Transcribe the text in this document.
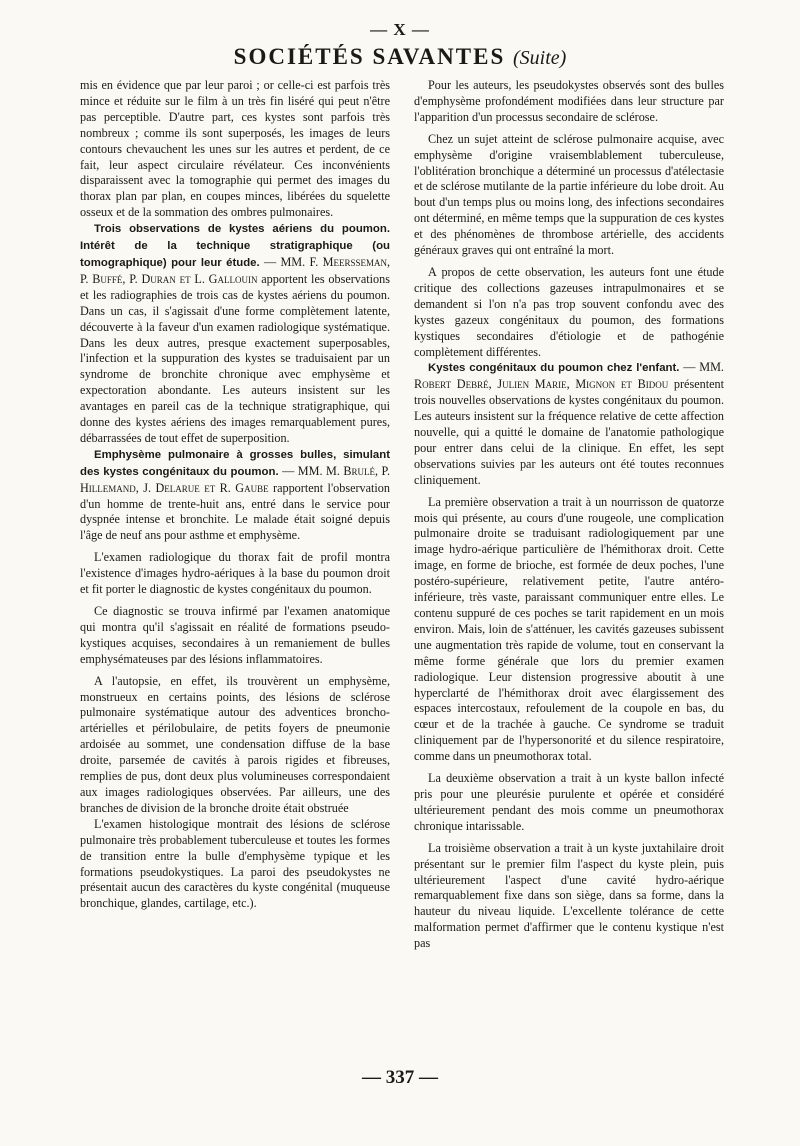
— X —
SOCIÉTÉS SAVANTES (Suite)

mis en évidence que par leur paroi ; or celle-ci est parfois très mince et réduite sur le film à un très fin liséré qui peut n'être pas perceptible. D'autre part, ces kystes sont parfois très nombreux ; comme ils sont superposés, les images de leurs contours chevauchent les unes sur les autres et perdent, de ce fait, leur aspect circulaire révélateur. Ces inconvénients disparaissent avec la tomographie qui permet des images du thorax plan par plan, en coupes minces, libérées du squelette osseux et de la sommation des ombres pulmonaires.

Trois observations de kystes aériens du poumon. Intérêt de la technique stratigraphique (ou tomographique) pour leur étude. — MM. F. Meersseman, P. Buffé, P. Duran et L. Gallouin apportent les observations et les radiographies de trois cas de kystes aériens du poumon. Dans un cas, il s'agissait d'une forme complètement latente, découverte à la faveur d'un examen radiologique systématique. Dans les deux autres, presque exactement superposables, l'infection et la suppuration des kystes se traduisaient par un syndrome de bronchite chronique avec emphysème et expectoration abondante. Les auteurs insistent sur les avantages en pareil cas de la technique stratigraphique, qui donne des kystes aériens des images remarquablement pures, débarrassées de tout effet de superposition.

Emphysème pulmonaire à grosses bulles, simulant des kystes congénitaux du poumon. — MM. M. Brulé, P. Hillemand, J. Delarue et R. Gaube rapportent l'observation d'un homme de trente-huit ans, entré dans le service pour dyspnée intense et bronchite. Le malade était soigné depuis l'âge de neuf ans pour asthme et emphysème.

L'examen radiologique du thorax fait de profil montra l'existence d'images hydro-aériques à la base du poumon droit et fit porter le diagnostic de kystes congénitaux du poumon.

Ce diagnostic se trouva infirmé par l'examen anatomique qui montra qu'il s'agissait en réalité de formations pseudo-kystiques acquises, secondaires à un remaniement de bulles emphysémateuses par des lésions inflammatoires.

A l'autopsie, en effet, ils trouvèrent un emphysème, monstrueux en certains points, des lésions de sclérose pulmonaire systématique autour des adventices broncho-artérielles et périlobulaire, de petits foyers de pneumonie ardoisée au sommet, une condensation diffuse de la base droite, parsemée de cavités à parois rigides et fibreuses, remplies de pus, dont deux plus volumineuses correspondaient aux images radiologiques observées. Par ailleurs, une des branches de division de la bronche droite était obstruée

L'examen histologique montrait des lésions de sclérose pulmonaire très probablement tuberculeuse et toutes les formes de transition entre la bulle d'emphysème typique et les formations pseudokystiques. La paroi des pseudokystes ne présentait aucun des caractères du kyste congénital (muqueuse bronchique, glandes, cartilage, etc.).

Pour les auteurs, les pseudokystes observés sont des bulles d'emphysème profondément modifiées dans leur structure par l'apparition d'un processus secondaire de sclérose.

Chez un sujet atteint de sclérose pulmonaire acquise, avec emphysème d'origine vraisemblablement tuberculeuse, l'oblitération bronchique a déterminé un processus d'atélectasie et de sclérose mutilante de la partie inférieure du lobe droit. Au bout d'un temps plus ou moins long, des infections secondaires ont déterminé, en même temps que la suppuration de ces kystes et des phénomènes de thrombose artérielle, des accidents généraux graves qui ont entraîné la mort.

A propos de cette observation, les auteurs font une étude critique des collections gazeuses intrapulmonaires et se demandent si l'on n'a pas trop souvent confondu avec des kystes gazeux congénitaux du poumon, des formations kystiques secondaires d'étiologie et de pathogénie complètement différentes.

Kystes congénitaux du poumon chez l'enfant. — MM. Robert Debré, Julien Marie, Mignon et Bidou présentent trois nouvelles observations de kystes congénitaux du poumon. Les auteurs insistent sur la fréquence relative de cette affection nouvelle, qui a quitté le domaine de l'anatomie pathologique pour entrer dans celui de la clinique. En effet, les sept observations suivies par les auteurs ont été toutes reconnues cliniquement.

La première observation a trait à un nourrisson de quatorze mois qui présente, au cours d'une rougeole, une complication pulmonaire droite se traduisant radiologiquement par une image hydro-aérique particulière de l'hémithorax droit. Cette image, en forme de brioche, est formée de deux poches, l'une postéro-supérieure, relativement petite, l'autre antéro-inférieure, très vaste, paraissant communiquer entre elles. Le contenu suppuré de ces poches se tarit rapidement en un mois environ. Mais, loin de s'atténuer, les cavités gazeuses subissent une augmentation très rapide de volume, tout en conservant la même forme générale que lors du premier examen radiologique. Leur distension progressive aboutit à une hyperclarté de l'hémithorax droit avec élargissement des espaces intercostaux, refoulement de la coupole en bas, du cœur et de la trachée à gauche. Ce syndrome se traduit cliniquement par de l'hypersonorité et du silence respiratoire, comme dans un pneumothorax total.

La deuxième observation a trait à un kyste ballon infecté pris pour une pleurésie purulente et opérée et considéré ultérieurement pendant des mois comme un pneumothorax chronique intarissable.

La troisième observation a trait à un kyste juxtahilaire droit présentant sur le premier film l'aspect du kyste plein, puis ultérieurement l'aspect d'une cavité hydro-aérique remarquablement fixe dans son siège, dans sa forme, dans la hauteur du niveau liquide. L'excellente tolérance de cette malformation permet d'affirmer que le contenu kystique n'est pas

— 337 —
